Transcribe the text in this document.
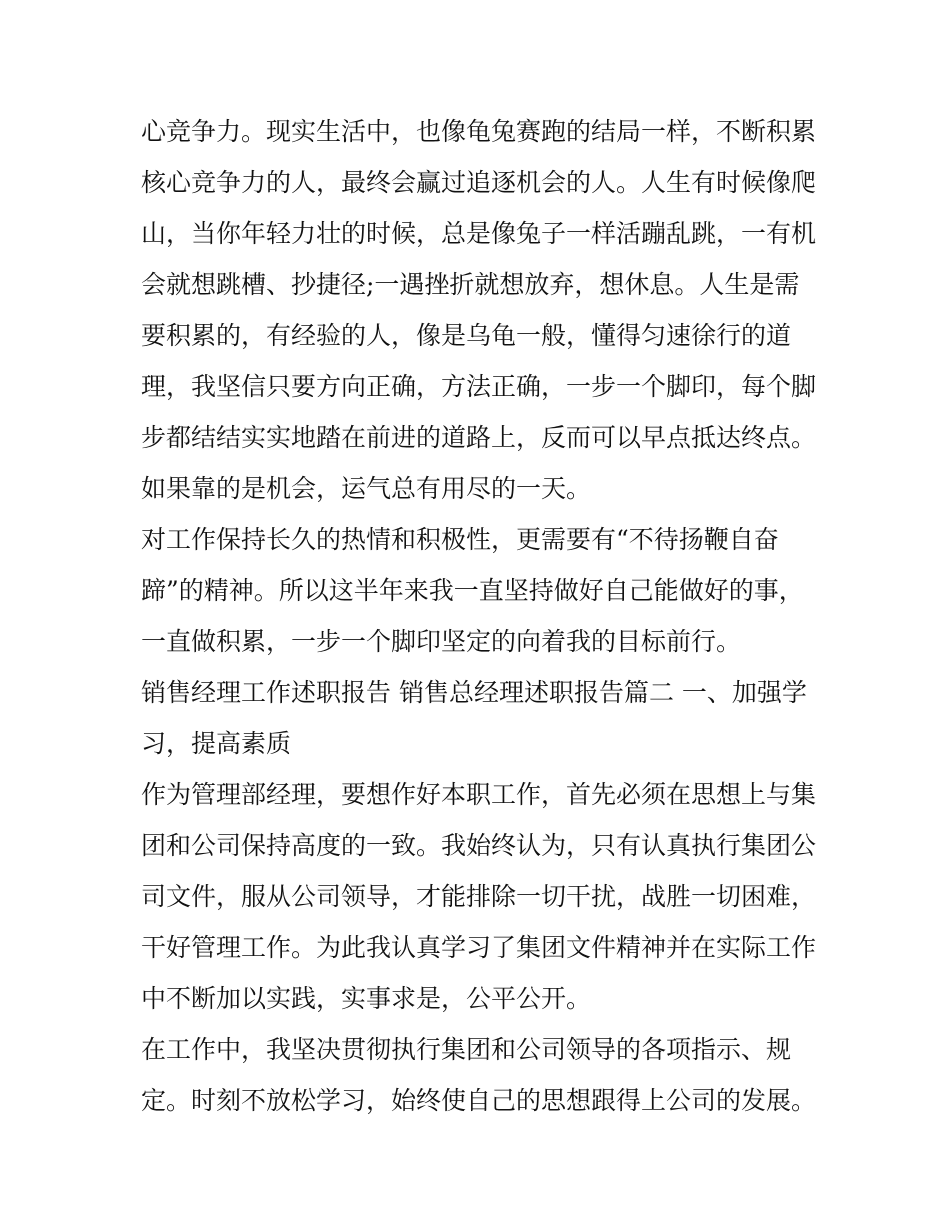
心竞争力。现实生活中，也像龟兔赛跑的结局一样，不断积累
核心竞争力的人，最终会赢过追逐机会的人。人生有时候像爬
山，当你年轻力壮的时候，总是像兔子一样活蹦乱跳，一有机
会就想跳槽、抄捷径;一遇挫折就想放弃，想休息。人生是需
要积累的，有经验的人，像是乌龟一般，懂得匀速徐行的道
理，我坚信只要方向正确，方法正确，一步一个脚印，每个脚
步都结结实实地踏在前进的道路上，反而可以早点抵达终点。
如果靠的是机会，运气总有用尽的一天。
对工作保持长久的热情和积极性，更需要有“不待扬鞭自奋
蹄”的精神。所以这半年来我一直坚持做好自己能做好的事，
一直做积累，一步一个脚印坚定的向着我的目标前行。
销售经理工作述职报告 销售总经理述职报告篇二 一、加强学
习，提高素质
作为管理部经理，要想作好本职工作，首先必须在思想上与集
团和公司保持高度的一致。我始终认为，只有认真执行集团公
司文件，服从公司领导，才能排除一切干扰，战胜一切困难，
干好管理工作。为此我认真学习了集团文件精神并在实际工作
中不断加以实践，实事求是，公平公开。
在工作中，我坚决贯彻执行集团和公司领导的各项指示、规
定。时刻不放松学习，始终使自己的思想跟得上公司的发展。
